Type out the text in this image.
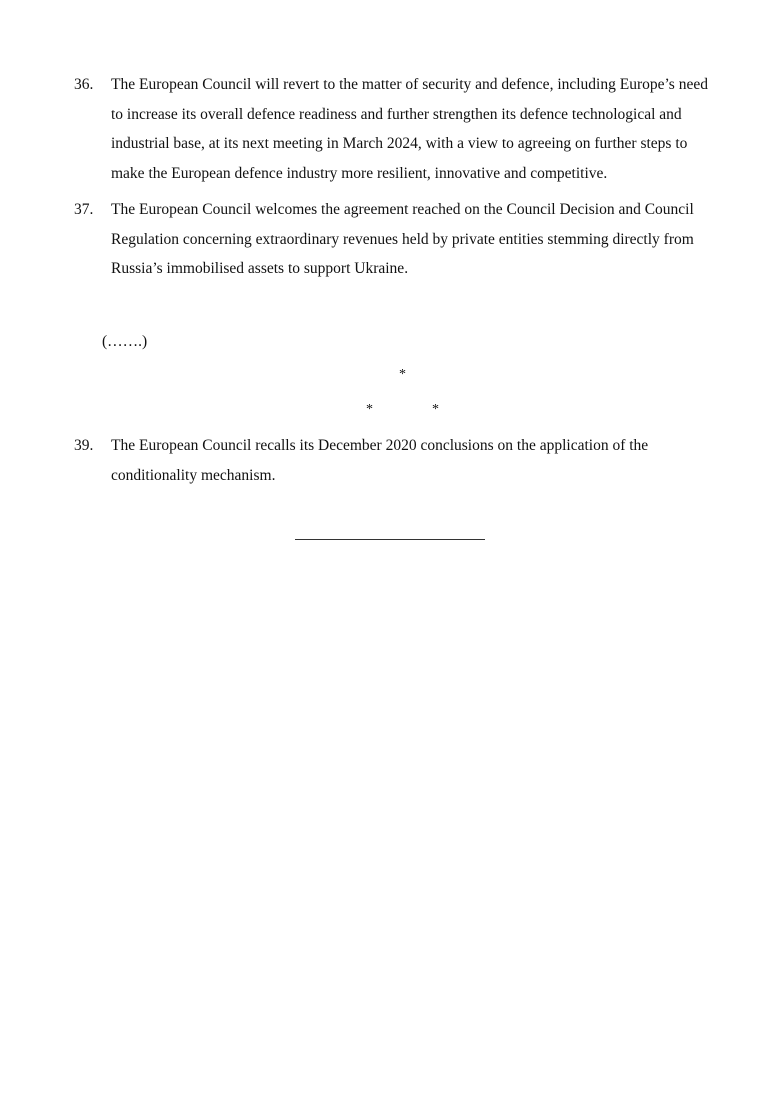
36. The European Council will revert to the matter of security and defence, including Europe’s need to increase its overall defence readiness and further strengthen its defence technological and industrial base, at its next meeting in March 2024, with a view to agreeing on further steps to make the European defence industry more resilient, innovative and competitive.
37. The European Council welcomes the agreement reached on the Council Decision and Council Regulation concerning extraordinary revenues held by private entities stemming directly from Russia’s immobilised assets to support Ukraine.
(…….)
*
*	*
39. The European Council recalls its December 2020 conclusions on the application of the conditionality mechanism.
